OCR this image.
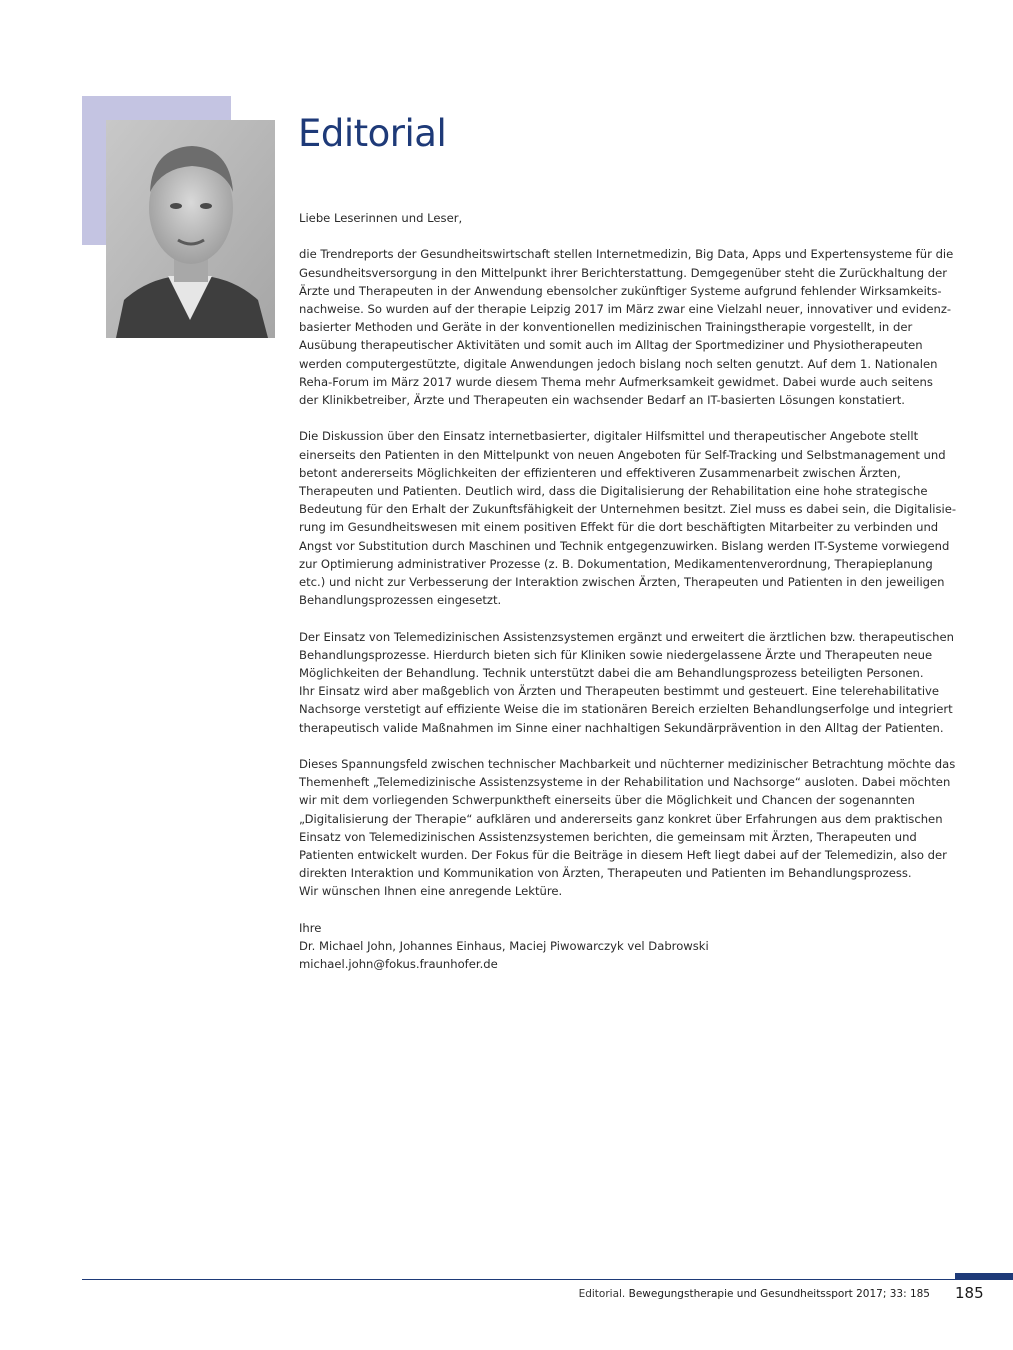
Editorial
Liebe Leserinnen und Leser,
die Trendreports der Gesundheitswirtschaft stellen Internetmedizin, Big Data, Apps und Expertensysteme für die
Gesundheitsversorgung in den Mittelpunkt ihrer Berichterstattung. Demgegenüber steht die Zurückhaltung der
Ärzte und Therapeuten in der Anwendung ebensolcher zukünftiger Systeme aufgrund fehlender Wirksamkeits-
nachweise. So wurden auf der therapie Leipzig 2017 im März zwar eine Vielzahl neuer, innovativer und evidenz-
basierter Methoden und Geräte in der konventionellen medizinischen Trainingstherapie vorgestellt, in der
Ausübung therapeutischer Aktivitäten und somit auch im Alltag der Sportmediziner und Physiotherapeuten
werden computergestützte, digitale Anwendungen jedoch bislang noch selten genutzt. Auf dem 1. Nationalen
Reha-Forum im März 2017 wurde diesem Thema mehr Aufmerksamkeit gewidmet. Dabei wurde auch seitens
der Klinikbetreiber, Ärzte und Therapeuten ein wachsender Bedarf an IT-basierten Lösungen konstatiert.
Die Diskussion über den Einsatz internetbasierter, digitaler Hilfsmittel und therapeutischer Angebote stellt
einerseits den Patienten in den Mittelpunkt von neuen Angeboten für Self-Tracking und Selbstmanagement und
betont andererseits Möglichkeiten der effizienteren und effektiveren Zusammenarbeit zwischen Ärzten,
Therapeuten und Patienten. Deutlich wird, dass die Digitalisierung der Rehabilitation eine hohe strategische
Bedeutung für den Erhalt der Zukunftsfähigkeit der Unternehmen besitzt. Ziel muss es dabei sein, die Digitalisie-
rung im Gesundheitswesen mit einem positiven Effekt für die dort beschäftigten Mitarbeiter zu verbinden und
Angst vor Substitution durch Maschinen und Technik entgegenzuwirken. Bislang werden IT-Systeme vorwiegend
zur Optimierung administrativer Prozesse (z. B. Dokumentation, Medikamentenverordnung, Therapieplanung
etc.) und nicht zur Verbesserung der Interaktion zwischen Ärzten, Therapeuten und Patienten in den jeweiligen
Behandlungsprozessen eingesetzt.
Der Einsatz von Telemedizinischen Assistenzsystemen ergänzt und erweitert die ärztlichen bzw. therapeutischen
Behandlungsprozesse. Hierdurch bieten sich für Kliniken sowie niedergelassene Ärzte und Therapeuten neue
Möglichkeiten der Behandlung. Technik unterstützt dabei die am Behandlungsprozess beteiligten Personen.
Ihr Einsatz wird aber maßgeblich von Ärzten und Therapeuten bestimmt und gesteuert. Eine telerehabilitative
Nachsorge verstetigt auf effiziente Weise die im stationären Bereich erzielten Behandlungserfolge und integriert
therapeutisch valide Maßnahmen im Sinne einer nachhaltigen Sekundärprävention in den Alltag der Patienten.
Dieses Spannungsfeld zwischen technischer Machbarkeit und nüchterner medizinischer Betrachtung möchte das
Themenheft „Telemedizinische Assistenzsysteme in der Rehabilitation und Nachsorge“ ausloten. Dabei möchten
wir mit dem vorliegenden Schwerpunktheft einerseits über die Möglichkeit und Chancen der sogenannten
„Digitalisierung der Therapie“ aufklären und andererseits ganz konkret über Erfahrungen aus dem praktischen
Einsatz von Telemedizinischen Assistenzsystemen berichten, die gemeinsam mit Ärzten, Therapeuten und
Patienten entwickelt wurden. Der Fokus für die Beiträge in diesem Heft liegt dabei auf der Telemedizin, also der
direkten Interaktion und Kommunikation von Ärzten, Therapeuten und Patienten im Behandlungsprozess.
Wir wünschen Ihnen eine anregende Lektüre.
Ihre
Dr. Michael John, Johannes Einhaus, Maciej Piwowarczyk vel Dabrowski
michael.john@fokus.fraunhofer.de
Editorial. Bewegungstherapie und Gesundheitssport 2017; 33: 185 185
